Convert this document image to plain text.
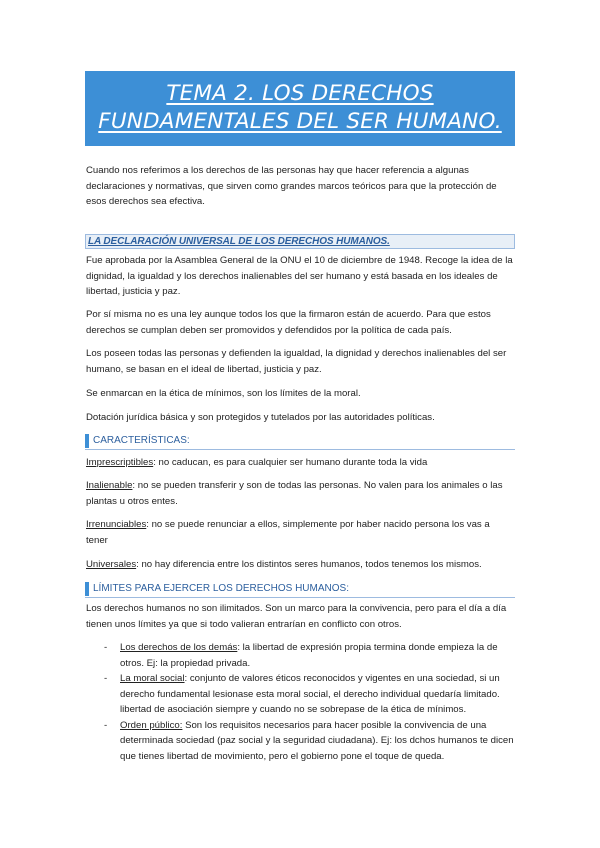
TEMA 2. LOS DERECHOS
FUNDAMENTALES DEL SER HUMANO.
Cuando nos referimos a los derechos de las personas hay que hacer referencia a algunas declaraciones y normativas, que sirven como grandes marcos teóricos para que la protección de esos derechos sea efectiva.
LA DECLARACIÓN UNIVERSAL DE LOS DERECHOS HUMANOS.
Fue aprobada por la Asamblea General de la ONU el 10 de diciembre de 1948. Recoge la idea de la dignidad, la igualdad y los derechos inalienables del ser humano y está basada en los ideales de libertad, justicia y paz.
Por sí misma no es una ley aunque todos los que la firmaron están de acuerdo. Para que estos derechos se cumplan deben ser promovidos y defendidos por la política de cada país.
Los poseen todas las personas y defienden la igualdad, la dignidad y derechos inalienables del ser humano, se basan en el ideal de libertad, justicia y paz.
Se enmarcan en la ética de mínimos, son los límites de la moral.
Dotación jurídica básica y son protegidos y tutelados por las autoridades políticas.
CARACTERÍSTICAS:
Imprescriptibles: no caducan, es para cualquier ser humano durante toda la vida
Inalienable: no se pueden transferir y son de todas las personas. No valen para los animales o las plantas u otros entes.
Irrenunciables: no se puede renunciar a ellos, simplemente por haber nacido persona los vas a tener
Universales: no hay diferencia entre los distintos seres humanos, todos tenemos los mismos.
LÍMITES PARA EJERCER LOS DERECHOS HUMANOS:
Los derechos humanos no son ilimitados. Son un marco para la convivencia, pero para el día a día tienen unos límites ya que si todo valieran entrarían en conflicto con otros.
- Los derechos de los demás: la libertad de expresión propia termina donde empieza la de otros. Ej: la propiedad privada.
- La moral social: conjunto de valores éticos reconocidos y vigentes en una sociedad, si un derecho fundamental lesionase esta moral social, el derecho individual quedaría limitado. libertad de asociación siempre y cuando no se sobrepase de la ética de mínimos.
- Orden público: Son los requisitos necesarios para hacer posible la convivencia de una determinada sociedad (paz social y la seguridad ciudadana). Ej: los dchos humanos te dicen que tienes libertad de movimiento, pero el gobierno pone el toque de queda.
